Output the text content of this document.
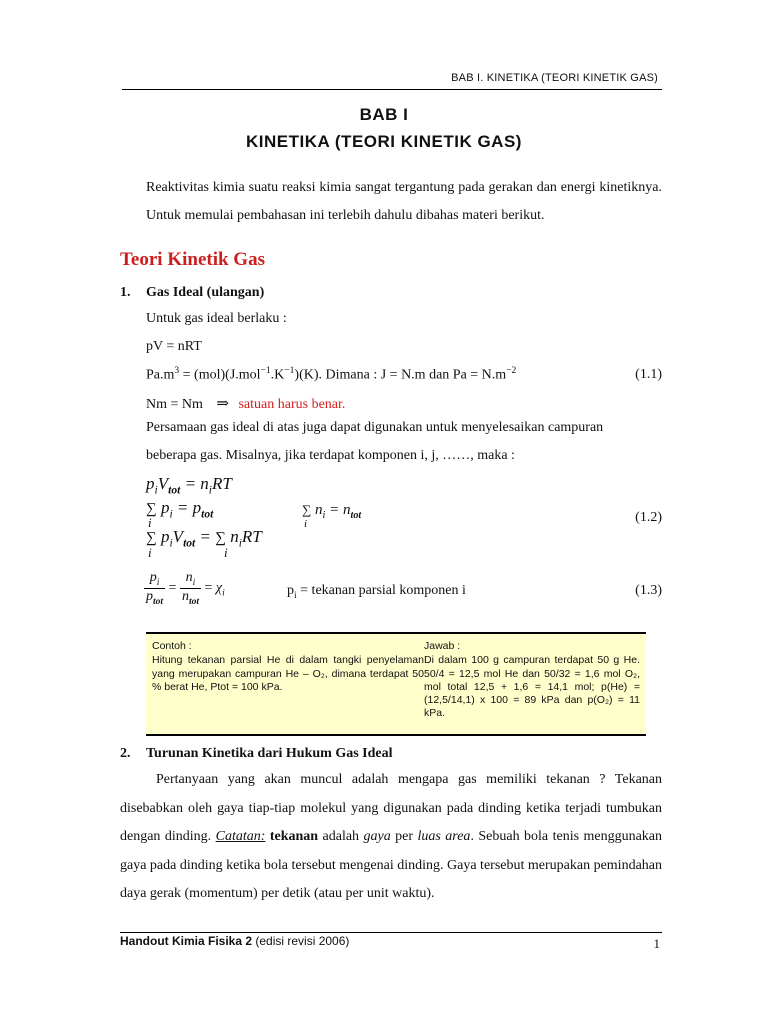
BAB I. KINETIKA (TEORI KINETIK GAS)
BAB I
KINETIKA (TEORI KINETIK GAS)
Reaktivitas kimia suatu reaksi kimia sangat tergantung pada gerakan dan energi kinetiknya. Untuk memulai pembahasan ini terlebih dahulu dibahas materi berikut.
Teori Kinetik Gas
1. Gas Ideal (ulangan)
Untuk gas ideal berlaku :
pV = nRT
$Pa.m^3 = (mol)(J.mol^{-1}.K^{-1})(K)$. Dimana : J = N.m dan $Pa = N.m^{-2}$	(1.1)
Nm = Nm ⇒ satuan harus benar.
Persamaan gas ideal di atas juga dapat digunakan untuk menyelesaikan campuran beberapa gas. Misalnya, jika terdapat komponen i, j, ……, maka :
$p_iV_{tot} = n_iRT$
∑ $p_i = p_{tot}$
i
∑ $n_i = n_{tot}$
i	(1.2)
∑ $p_iV_{tot}$ = ∑ $n_iRT$
i	i
$\frac{p_i}{p_{tot}} = \frac{n_i}{n_{tot}} = \chi_i$	$p_i$ = tekanan parsial komponen i	(1.3)
Contoh :
Hitung tekanan parsial He di dalam tangki penyelaman yang merupakan campuran He – O₂, dimana terdapat 50 % berat He, Ptot = 100 kPa.
Jawab :
Di dalam 100 g campuran terdapat 50 g He. 50/4 = 12,5 mol He dan 50/32 = 1,6 mol O₂, mol total 12,5 + 1,6 = 14,1 mol; p(He) = (12,5/14,1) x 100 = 89 kPa dan p(O₂) = 11 kPa.
2. Turunan Kinetika dari Hukum Gas Ideal
Pertanyaan yang akan muncul adalah mengapa gas memiliki tekanan ? Tekanan disebabkan oleh gaya tiap-tiap molekul yang digunakan pada dinding ketika terjadi tumbukan dengan dinding. Catatan: tekanan adalah gaya per luas area. Sebuah bola tenis menggunakan gaya pada dinding ketika bola tersebut mengenai dinding. Gaya tersebut merupakan pemindahan daya gerak (momentum) per detik (atau per unit waktu).
Handout Kimia Fisika 2 (edisi revisi 2006)	1
